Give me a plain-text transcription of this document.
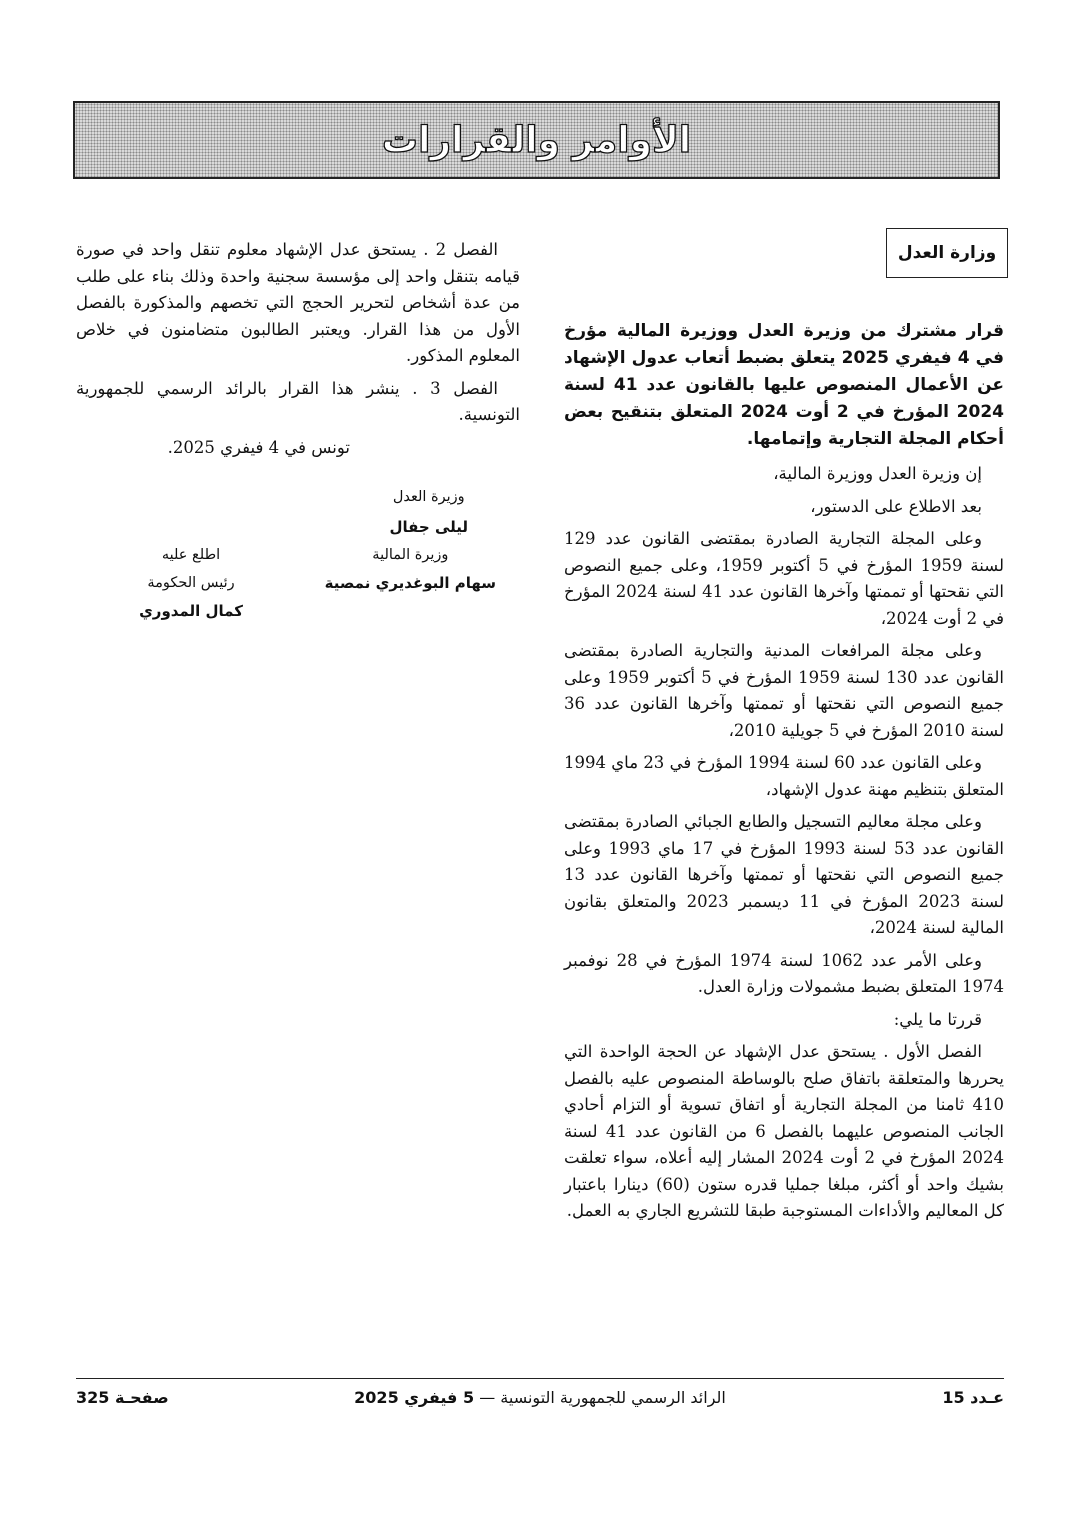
الأوامر والقرارات
وزارة العدل

قرار مشترك من وزيرة العدل ووزيرة المالية مؤرخ في 4 فيفري 2025 يتعلق بضبط أتعاب عدول الإشهاد عن الأعمال المنصوص عليها بالقانون عدد 41 لسنة 2024 المؤرخ في 2 أوت 2024 المتعلق بتنقيح بعض أحكام المجلة التجارية وإتمامها.

إن وزيرة العدل ووزيرة المالية،

بعد الاطلاع على الدستور،

وعلى المجلة التجارية الصادرة بمقتضى القانون عدد 129 لسنة 1959 المؤرخ في 5 أكتوبر 1959، وعلى جميع النصوص التي نقحتها أو تممتها وآخرها القانون عدد 41 لسنة 2024 المؤرخ في 2 أوت 2024،

وعلى مجلة المرافعات المدنية والتجارية الصادرة بمقتضى القانون عدد 130 لسنة 1959 المؤرخ في 5 أكتوبر 1959 وعلى جميع النصوص التي نقحتها أو تممتها وآخرها القانون عدد 36 لسنة 2010 المؤرخ في 5 جويلية 2010،

وعلى القانون عدد 60 لسنة 1994 المؤرخ في 23 ماي 1994 المتعلق بتنظيم مهنة عدول الإشهاد،

وعلى مجلة معاليم التسجيل والطابع الجبائي الصادرة بمقتضى القانون عدد 53 لسنة 1993 المؤرخ في 17 ماي 1993 وعلى جميع النصوص التي نقحتها أو تممتها وآخرها القانون عدد 13 لسنة 2023 المؤرخ في 11 ديسمبر 2023 والمتعلق بقانون المالية لسنة 2024،

وعلى الأمر عدد 1062 لسنة 1974 المؤرخ في 28 نوفمبر 1974 المتعلق بضبط مشمولات وزارة العدل.

قررتا ما يلي:

الفصل الأول . يستحق عدل الإشهاد عن الحجة الواحدة التي يحررها والمتعلقة باتفاق صلح بالوساطة المنصوص عليه بالفصل 410 ثامنا من المجلة التجارية أو اتفاق تسوية أو التزام أحادي الجانب المنصوص عليهما بالفصل 6 من القانون عدد 41 لسنة 2024 المؤرخ في 2 أوت 2024 المشار إليه أعلاه، سواء تعلقت بشيك واحد أو أكثر، مبلغا جمليا قدره ستون (60) دينارا باعتبار كل المعاليم والأداءات المستوجبة طبقا للتشريع الجاري به العمل.

الفصل 2 . يستحق عدل الإشهاد معلوم تنقل واحد في صورة قيامه بتنقل واحد إلى مؤسسة سجنية واحدة وذلك بناء على طلب من عدة أشخاص لتحرير الحجج التي تخصهم والمذكورة بالفصل الأول من هذا القرار. ويعتبر الطالبون متضامنون في خلاص المعلوم المذكور.

الفصل 3 . ينشر هذا القرار بالرائد الرسمي للجمهورية التونسية.

تونس في 4 فيفري 2025.

وزيرة العدل
ليلى جفال
وزيرة المالية
سهام البوغديري نمصية
اطلع عليه
رئيس الحكومة
كمال المدوري
عـدد 15
الرائد الرسمي للجمهورية التونسية — 5 فيفري 2025
صفحـة 325
